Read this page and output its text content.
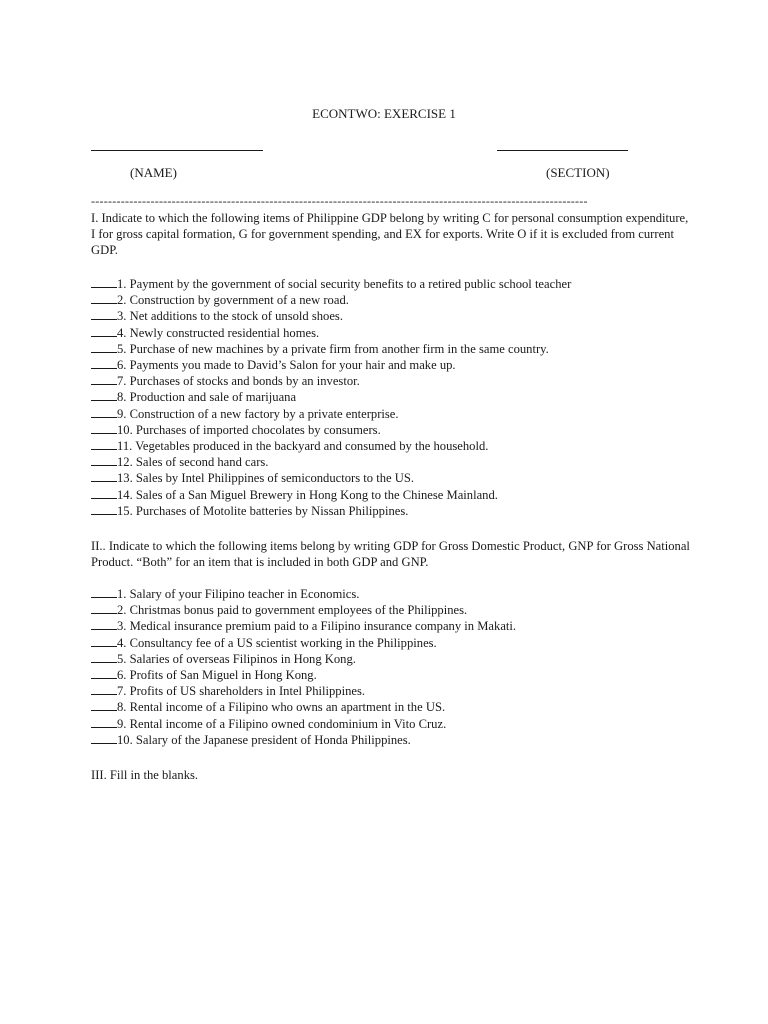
ECONTWO: EXERCISE 1
(NAME)	(SECTION)
---------------------------------------------------------------------------------------------------------------------

I. Indicate to which the following items of Philippine GDP belong by writing C for personal consumption expenditure, I for gross capital formation, G for government spending, and EX for exports. Write O if it is excluded from current GDP.

1. Payment by the government of social security benefits to a retired public school teacher
2. Construction by government of a new road.
3. Net additions to the stock of unsold shoes.
4. Newly constructed residential homes.
5. Purchase of new machines by a private firm from another firm in the same country.
6. Payments you made to David’s Salon for your hair and make up.
7. Purchases of stocks and bonds by an investor.
8. Production and sale of marijuana
9. Construction of a new factory by a private enterprise.
10. Purchases of imported chocolates by consumers.
11. Vegetables produced in the backyard and consumed by the household.
12. Sales of second hand cars.
13. Sales by Intel Philippines of semiconductors to the US.
14. Sales of a San Miguel Brewery in Hong Kong to the Chinese Mainland.
15. Purchases of Motolite batteries by Nissan Philippines.

II.. Indicate to which the following items belong by writing GDP for Gross Domestic Product, GNP for Gross National Product. “Both” for an item that is included in both GDP and GNP.

1. Salary of your Filipino teacher in Economics.
2. Christmas bonus paid to government employees of the Philippines.
3. Medical insurance premium paid to a Filipino insurance company in Makati.
4. Consultancy fee of a US scientist working in the Philippines.
5. Salaries of overseas Filipinos in Hong Kong.
6. Profits of San Miguel in Hong Kong.
7. Profits of US shareholders in Intel Philippines.
8. Rental income of a Filipino who owns an apartment in the US.
9. Rental income of a Filipino owned condominium in Vito Cruz.
10. Salary of the Japanese president of Honda Philippines.

III. Fill in the blanks.
